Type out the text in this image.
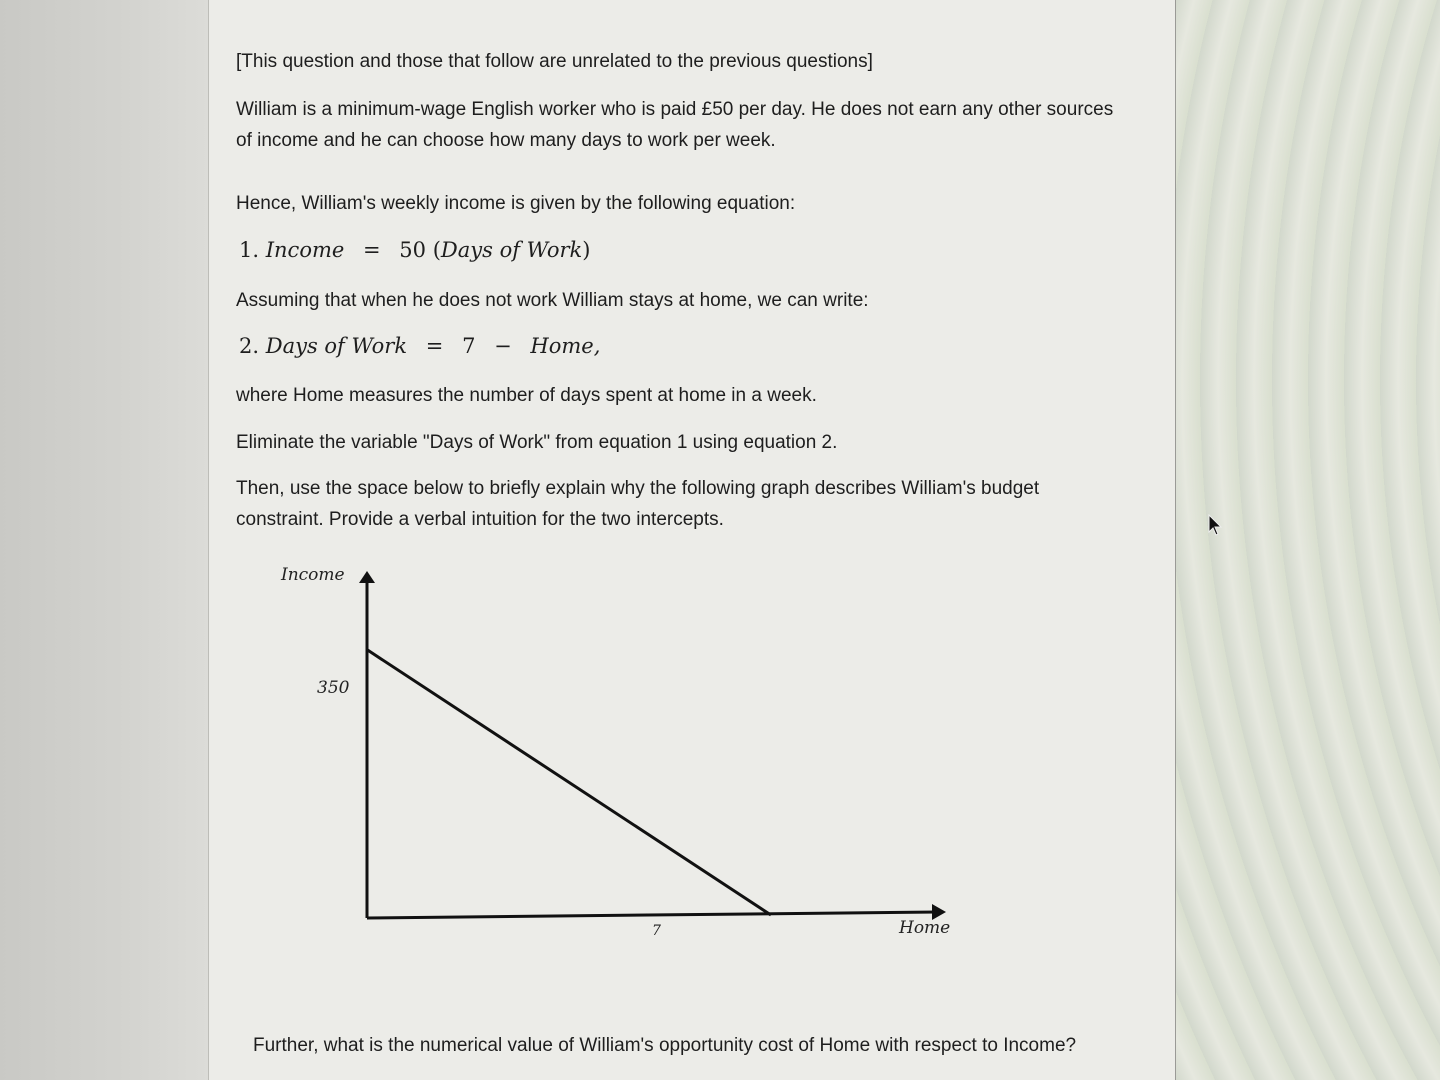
[This question and those that follow are unrelated to the previous questions]

William is a minimum-wage English worker who is paid £50 per day. He does not earn any other sources of income and he can choose how many days to work per week.

Hence, William's weekly income is given by the following equation:

1. Income = 50 (Days of Work)

Assuming that when he does not work William stays at home, we can write:

2. Days of Work = 7 − Home,

where Home measures the number of days spent at home in a week.

Eliminate the variable "Days of Work" from equation 1 using equation 2.

Then, use the space below to briefly explain why the following graph describes William's budget constraint. Provide a verbal intuition for the two intercepts.

Income
Home
350
7

Further, what is the numerical value of William's opportunity cost of Home with respect to Income?
